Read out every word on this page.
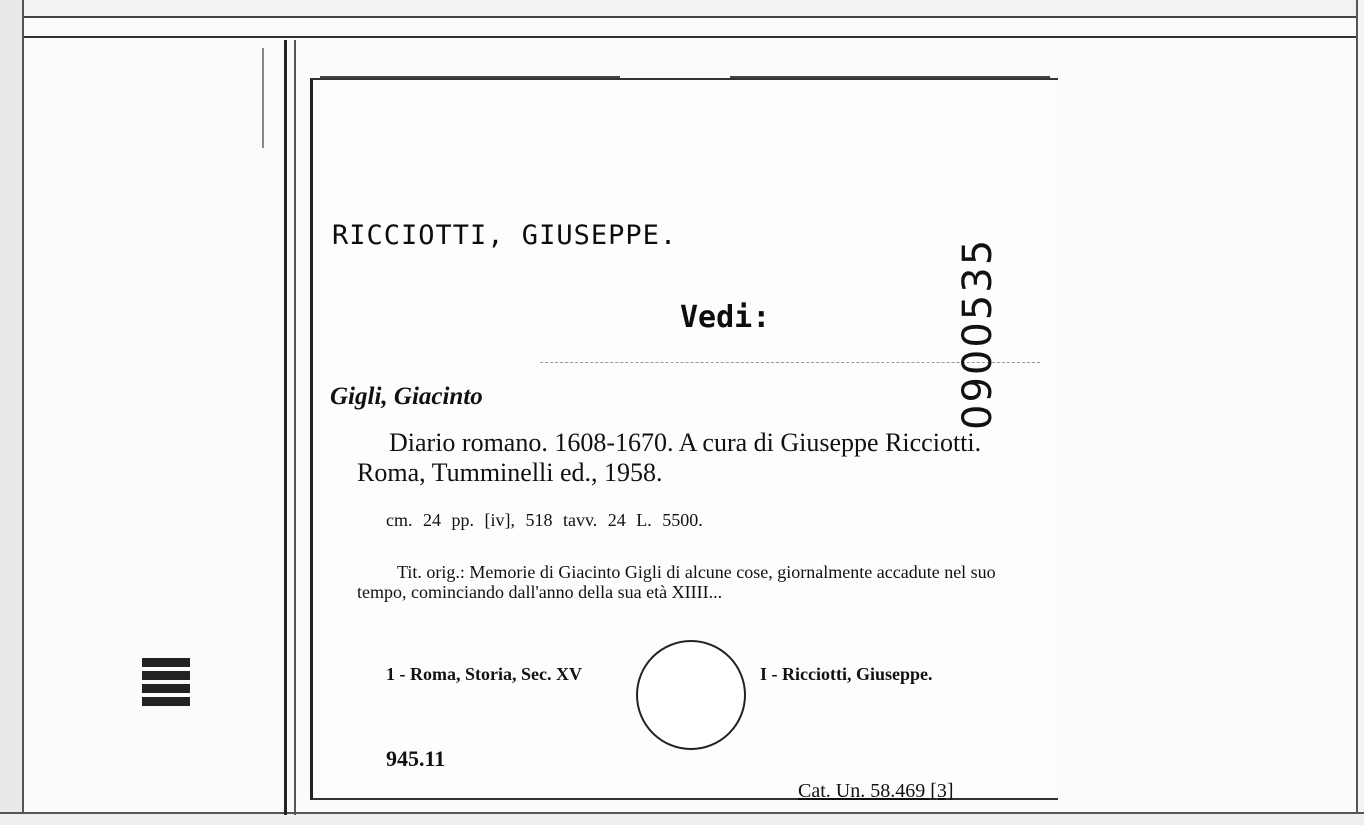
RICCIOTTI, GIUSEPPE.
Vedi:	0900535
Gigli, Giacinto
Diario romano. 1608-1670. A cura di Giuseppe Ricciotti. Roma, Tumminelli ed., 1958.
cm. 24 pp. [iv], 518 tavv. 24 L. 5500.
Tit. orig.: Memorie di Giacinto Gigli di alcune cose, giornalmente accadute nel suo tempo, cominciando dall'anno della sua età XIIII...
1 - Roma, Storia, Sec. XV	I - Ricciotti, Giuseppe.
945.11
Cat. Un. 58.469 [3]
